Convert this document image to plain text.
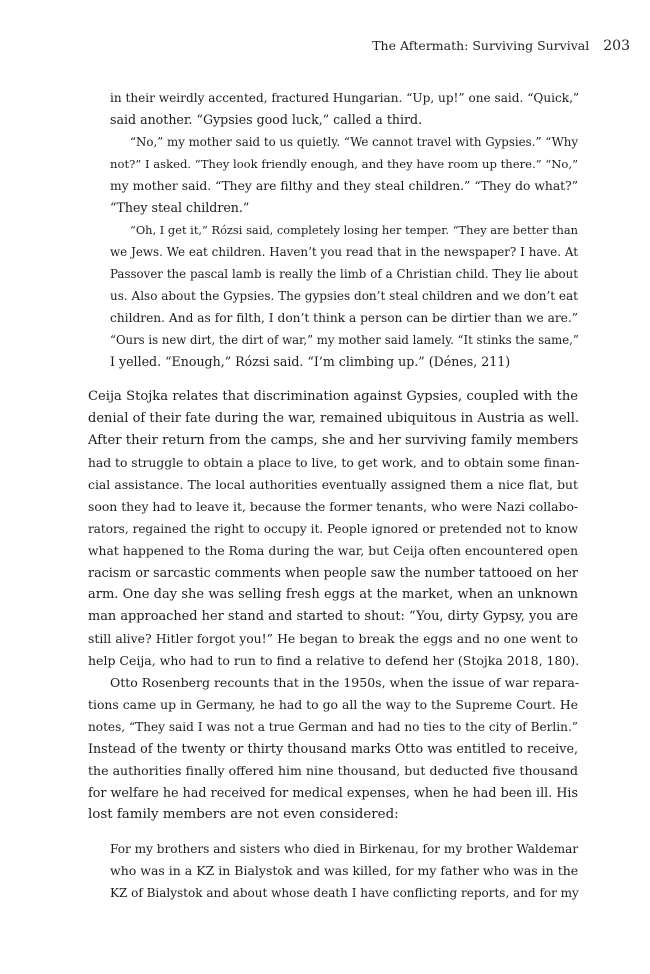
The Aftermath: Surviving Survival 203

in their weirdly accented, fractured Hungarian. “Up, up!” one said. “Quick,”

said another. “Gypsies good luck,” called a third.

“No,” my mother said to us quietly. “We cannot travel with Gypsies.” “Why

not?” I asked. “They look friendly enough, and they have room up there.” “No,”

my mother said. “They are filthy and they steal children.” “They do what?”

“They steal children.”

“Oh, I get it,” Rózsi said, completely losing her temper. “They are better than

we Jews. We eat children. Haven’t you read that in the newspaper? I have. At

Passover the pascal lamb is really the limb of a Christian child. They lie about

us. Also about the Gypsies. The gypsies don’t steal children and we don’t eat

children. And as for filth, I don’t think a person can be dirtier than we are.”

“Ours is new dirt, the dirt of war,” my mother said lamely. “It stinks the same,”

I yelled. “Enough,” Rózsi said. “I’m climbing up.” (Dénes, 211)

Ceija Stojka relates that discrimination against Gypsies, coupled with the

denial of their fate during the war, remained ubiquitous in Austria as well.

After their return from the camps, she and her surviving family members

had to struggle to obtain a place to live, to get work, and to obtain some finan-

cial assistance. The local authorities eventually assigned them a nice flat, but

soon they had to leave it, because the former tenants, who were Nazi collabo-

rators, regained the right to occupy it. People ignored or pretended not to know

what happened to the Roma during the war, but Ceija often encountered open

racism or sarcastic comments when people saw the number tattooed on her

arm. One day she was selling fresh eggs at the market, when an unknown

man approached her stand and started to shout: “You, dirty Gypsy, you are

still alive? Hitler forgot you!” He began to break the eggs and no one went to

help Ceija, who had to run to find a relative to defend her (Stojka 2018, 180).

Otto Rosenberg recounts that in the 1950s, when the issue of war repara-

tions came up in Germany, he had to go all the way to the Supreme Court. He

notes, “They said I was not a true German and had no ties to the city of Berlin.”

Instead of the twenty or thirty thousand marks Otto was entitled to receive,

the authorities finally offered him nine thousand, but deducted five thousand

for welfare he had received for medical expenses, when he had been ill. His

lost family members are not even considered:

For my brothers and sisters who died in Birkenau, for my brother Waldemar

who was in a KZ in Bialystok and was killed, for my father who was in the

KZ of Bialystok and about whose death I have conflicting reports, and for my
